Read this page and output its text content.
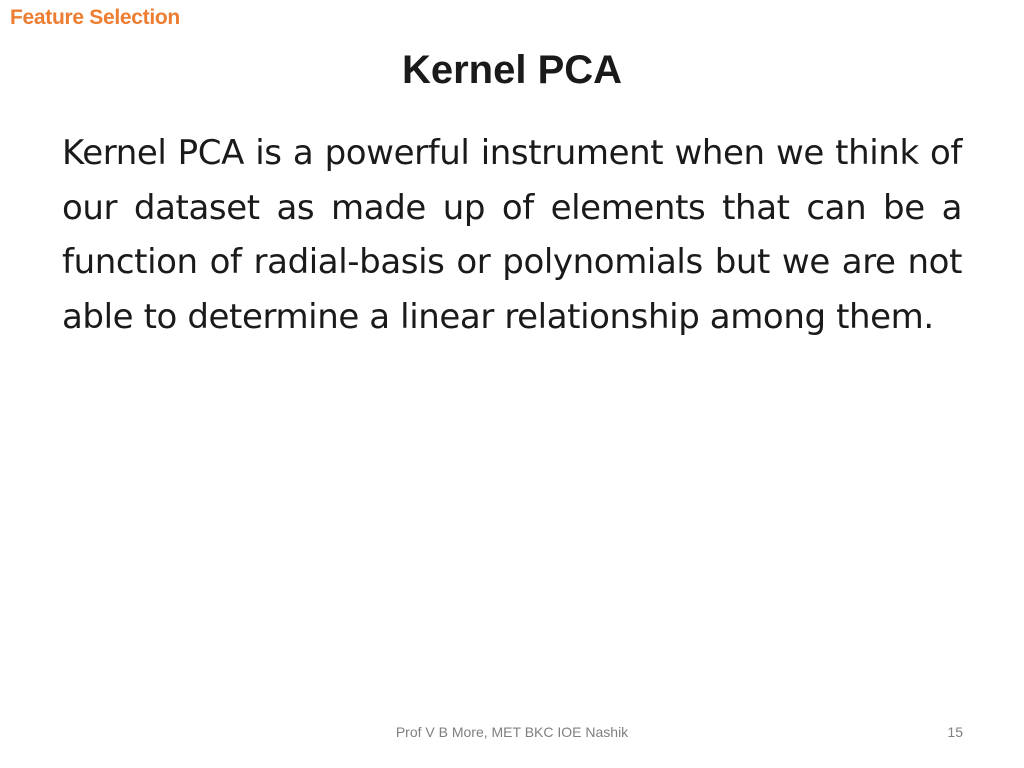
Feature Selection
Kernel PCA

Kernel PCA is a powerful instrument when we think of our dataset as made up of elements that can be a function of radial-basis or polynomials but we are not able to determine a linear relationship among them.

Prof V B More, MET BKC IOE Nashik	15
